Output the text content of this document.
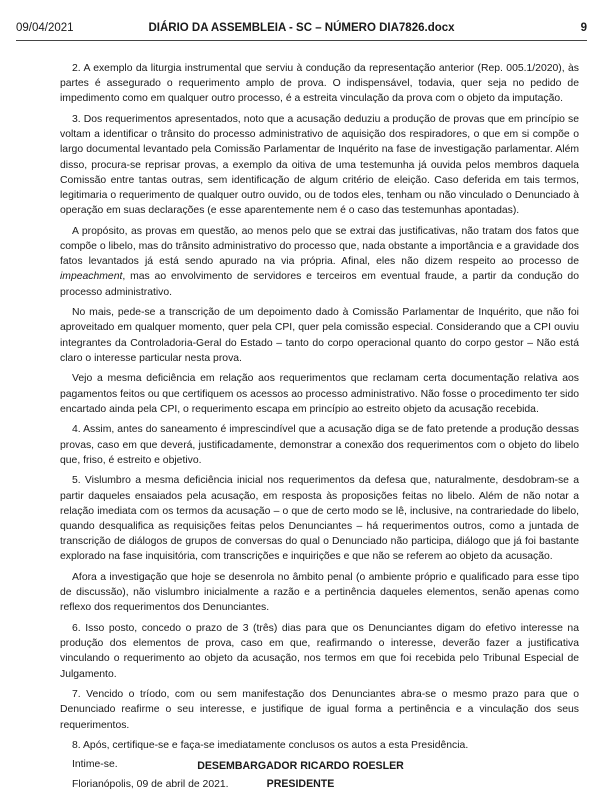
09/04/2021	DIÁRIO DA ASSEMBLEIA - SC – NÚMERO DIA7826.docx	9

2. A exemplo da liturgia instrumental que serviu à condução da representação anterior (Rep. 005.1/2020), às partes é assegurado o requerimento amplo de prova. O indispensável, todavia, quer seja no pedido de impedimento como em qualquer outro processo, é a estreita vinculação da prova com o objeto da imputação.

3. Dos requerimentos apresentados, noto que a acusação deduziu a produção de provas que em princípio se voltam a identificar o trânsito do processo administrativo de aquisição dos respiradores, o que em si compõe o largo documental levantado pela Comissão Parlamentar de Inquérito na fase de investigação parlamentar. Além disso, procura-se reprisar provas, a exemplo da oitiva de uma testemunha já ouvida pelos membros daquela Comissão entre tantas outras, sem identificação de algum critério de eleição. Caso deferida em tais termos, legitimaria o requerimento de qualquer outro ouvido, ou de todos eles, tenham ou não vinculado o Denunciado à operação em suas declarações (e esse aparentemente nem é o caso das testemunhas apontadas).

A propósito, as provas em questão, ao menos pelo que se extrai das justificativas, não tratam dos fatos que compõe o libelo, mas do trânsito administrativo do processo que, nada obstante a importância e a gravidade dos fatos levantados já está sendo apurado na via própria. Afinal, eles não dizem respeito ao processo de impeachment, mas ao envolvimento de servidores e terceiros em eventual fraude, a partir da condução do processo administrativo.

No mais, pede-se a transcrição de um depoimento dado à Comissão Parlamentar de Inquérito, que não foi aproveitado em qualquer momento, quer pela CPI, quer pela comissão especial. Considerando que a CPI ouviu integrantes da Controladoria-Geral do Estado – tanto do corpo operacional quanto do corpo gestor – Não está claro o interesse particular nesta prova.

Vejo a mesma deficiência em relação aos requerimentos que reclamam certa documentação relativa aos pagamentos feitos ou que certifiquem os acessos ao processo administrativo. Não fosse o procedimento ter sido encartado ainda pela CPI, o requerimento escapa em princípio ao estreito objeto da acusação recebida.

4. Assim, antes do saneamento é imprescindível que a acusação diga se de fato pretende a produção dessas provas, caso em que deverá, justificadamente, demonstrar a conexão dos requerimentos com o objeto do libelo que, friso, é estreito e objetivo.

5. Vislumbro a mesma deficiência inicial nos requerimentos da defesa que, naturalmente, desdobram-se a partir daqueles ensaiados pela acusação, em resposta às proposições feitas no libelo. Além de não notar a relação imediata com os termos da acusação – o que de certo modo se lê, inclusive, na contrariedade do libelo, quando desqualifica as requisições feitas pelos Denunciantes – há requerimentos outros, como a juntada de transcrição de diálogos de grupos de conversas do qual o Denunciado não participa, diálogo que já foi bastante explorado na fase inquisitória, com transcrições e inquirições e que não se referem ao objeto da acusação.

Afora a investigação que hoje se desenrola no âmbito penal (o ambiente próprio e qualificado para esse tipo de discussão), não vislumbro inicialmente a razão e a pertinência daqueles elementos, senão apenas como reflexo dos requerimentos dos Denunciantes.

6. Isso posto, concedo o prazo de 3 (três) dias para que os Denunciantes digam do efetivo interesse na produção dos elementos de prova, caso em que, reafirmando o interesse, deverão fazer a justificativa vinculando o requerimento ao objeto da acusação, nos termos em que foi recebida pelo Tribunal Especial de Julgamento.

7. Vencido o tríodo, com ou sem manifestação dos Denunciantes abra-se o mesmo prazo para que o Denunciado reafirme o seu interesse, e justifique de igual forma a pertinência e a vinculação dos seus requerimentos.

8. Após, certifique-se e faça-se imediatamente conclusos os autos a esta Presidência.

Intime-se.

Florianópolis, 09 de abril de 2021.

DESEMBARGADOR RICARDO ROESLER
PRESIDENTE
